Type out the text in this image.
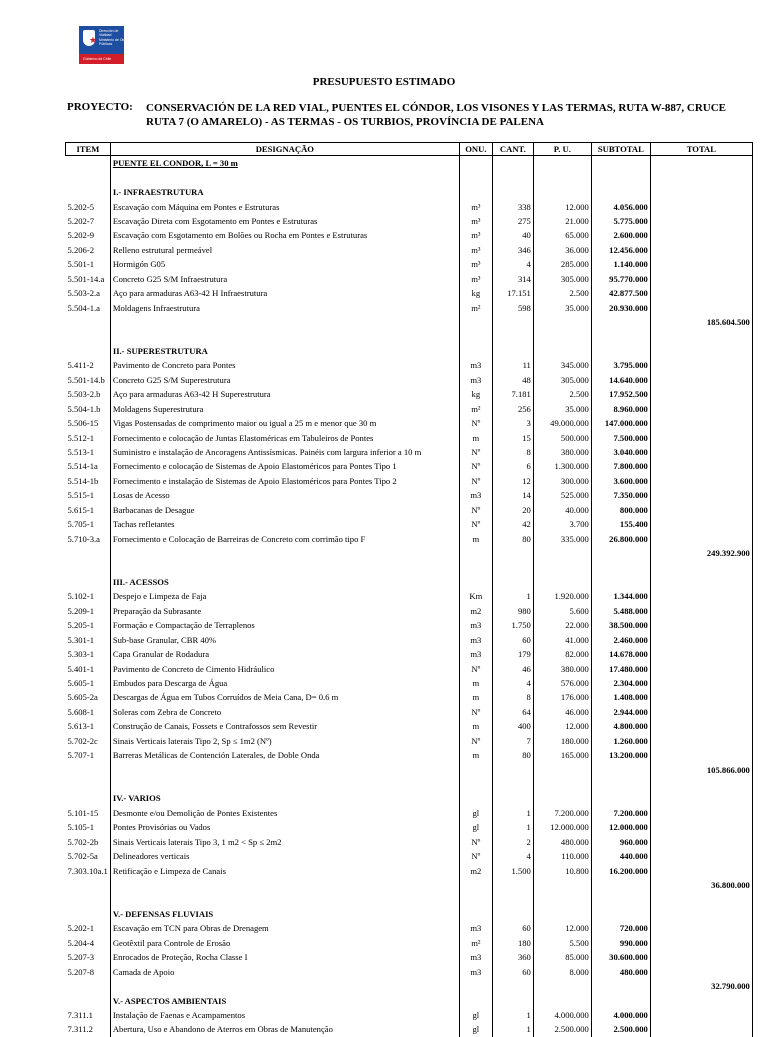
★
Dirección de
Vialidad
Ministerio de Obras
Públicas
Gobierno de Chile
PRESUPUESTO ESTIMADO
PROYECTO: CONSERVACIÓN DE LA RED VIAL, PUENTES EL CÓNDOR, LOS VISONES Y LAS TERMAS, RUTA W-887, CRUCE RUTA 7 (O AMARELO) - AS TERMAS - OS TURBIOS, PROVÍNCIA DE PALENA
ITEM	DESIGNAÇÃO	ONU.	CANT.	P. U.	SUBTOTAL	TOTAL
	PUENTE EL CONDOR, L = 30 m					

	I.- INFRAESTRUTURA					
5.202-5	Escavação com Máquina em Pontes e Estruturas	m³	338	12.000	4.056.000	
5.202-7	Escavação Direta com Esgotamento em Pontes e Estruturas	m³	275	21.000	5.775.000	
5.202-9	Escavação com Esgotamento em Bolões ou Rocha em Pontes e Estruturas	m³	40	65.000	2.600.000	
5.206-2	Relleno estrutural permeável	m³	346	36.000	12.456.000	
5.501-1	Hormigón G05	m³	4	285.000	1.140.000	
5.501-14.a	Concreto G25 S/M Infraestrutura	m³	314	305.000	95.770.000	
5.503-2.a	Aço para armaduras A63-42 H Infraestrutura	kg	17.151	2.500	42.877.500	
5.504-1.a	Moldagens Infraestrutura	m²	598	35.000	20.930.000	
						185.604.500

	II.- SUPERESTRUTURA					
5.411-2	Pavimento de Concreto para Pontes	m3	11	345.000	3.795.000	
5.501-14.b	Concreto G25 S/M Superestrutura	m3	48	305.000	14.640.000	
5.503-2.b	Aço para armaduras A63-42 H Superestrutura	kg	7.181	2.500	17.952.500	
5.504-1.b	Moldagens Superestrutura	m²	256	35.000	8.960.000	
5.506-15	Vigas Postensadas de comprimento maior ou igual a 25 m e menor que 30 m	Nº	3	49.000.000	147.000.000	
5.512-1	Fornecimento e colocação de Juntas Elastoméricas em Tabuleiros de Pontes	m	15	500.000	7.500.000	
5.513-1	Suministro e instalação de Ancoragens Antissísmicas. Painéis com largura inferior a 10 m	Nº	8	380.000	3.040.000	
5.514-1a	Fornecimento e colocação de Sistemas de Apoio Elastoméricos para Pontes Tipo 1	Nº	6	1.300.000	7.800.000	
5.514-1b	Fornecimento e instalação de Sistemas de Apoio Elastoméricos para Pontes Tipo 2	Nº	12	300.000	3.600.000	
5.515-1	Losas de Acesso	m3	14	525.000	7.350.000	
5.615-1	Barbacanas de Desague	Nº	20	40.000	800.000	
5.705-1	Tachas refletantes	Nº	42	3.700	155.400	
5.710-3.a	Fornecimento e Colocação de Barreiras de Concreto com corrimão tipo F	m	80	335.000	26.800.000	
						249.392.900

	III.- ACESSOS					
5.102-1	Despejo e Limpeza de Faja	Km	1	1.920.000	1.344.000	
5.209-1	Preparação da Subrasante	m2	980	5.600	5.488.000	
5.205-1	Formação e Compactação de Terraplenos	m3	1.750	22.000	38.500.000	
5.301-1	Sub-base Granular, CBR 40%	m3	60	41.000	2.460.000	
5.303-1	Capa Granular de Rodadura	m3	179	82.000	14.678.000	
5.401-1	Pavimento de Concreto de Cimento Hidráulico	Nº	46	380.000	17.480.000	
5.605-1	Embudos para Descarga de Água	m	4	576.000	2.304.000	
5.605-2a	Descargas de Água em Tubos Corruídos de Meia Cana, D= 0.6 m	m	8	176.000	1.408.000	
5.608-1	Soleras com Zebra de Concreto	Nº	64	46.000	2.944.000	
5.613-1	Construção de Canais, Fossets e Contrafossos sem Revestir	m	400	12.000	4.800.000	
5.702-2c	Sinais Verticais laterais Tipo 2, Sp ≤ 1m2 (Nº)	Nº	7	180.000	1.260.000	
5.707-1	Barreras Metálicas de Contención Laterales, de Doble Onda	m	80	165.000	13.200.000	
						105.866.000

	IV.- VARIOS					
5.101-15	Desmonte e/ou Demolição de Pontes Existentes	gl	1	7.200.000	7.200.000	
5.105-1	Pontes Provisórias ou Vados	gl	1	12.000.000	12.000.000	
5.702-2b	Sinais Verticais laterais Tipo 3, 1 m2 < Sp ≤ 2m2	Nº	2	480.000	960.000	
5.702-5a	Delineadores verticais	Nº	4	110.000	440.000	
7.303.10a.1	Retificação e Limpeza de Canais	m2	1.500	10.800	16.200.000	
						36.800.000

	V.- DEFENSAS FLUVIAIS					
5.202-1	Escavação em TCN para Obras de Drenagem	m3	60	12.000	720.000	
5.204-4	Geotêxtil para Controle de Erosão	m²	180	5.500	990.000	
5.207-3	Enrocados de Proteção, Rocha Classe I	m3	360	85.000	30.600.000	
5.207-8	Camada de Apoio	m3	60	8.000	480.000	
						32.790.000
	V.- ASPECTOS AMBIENTAIS					
7.311.1	Instalação de Faenas e Acampamentos	gl	1	4.000.000	4.000.000	
7.311.2	Abertura, Uso e Abandono de Aterros em Obras de Manutenção	gl	1	2.500.000	2.500.000	
